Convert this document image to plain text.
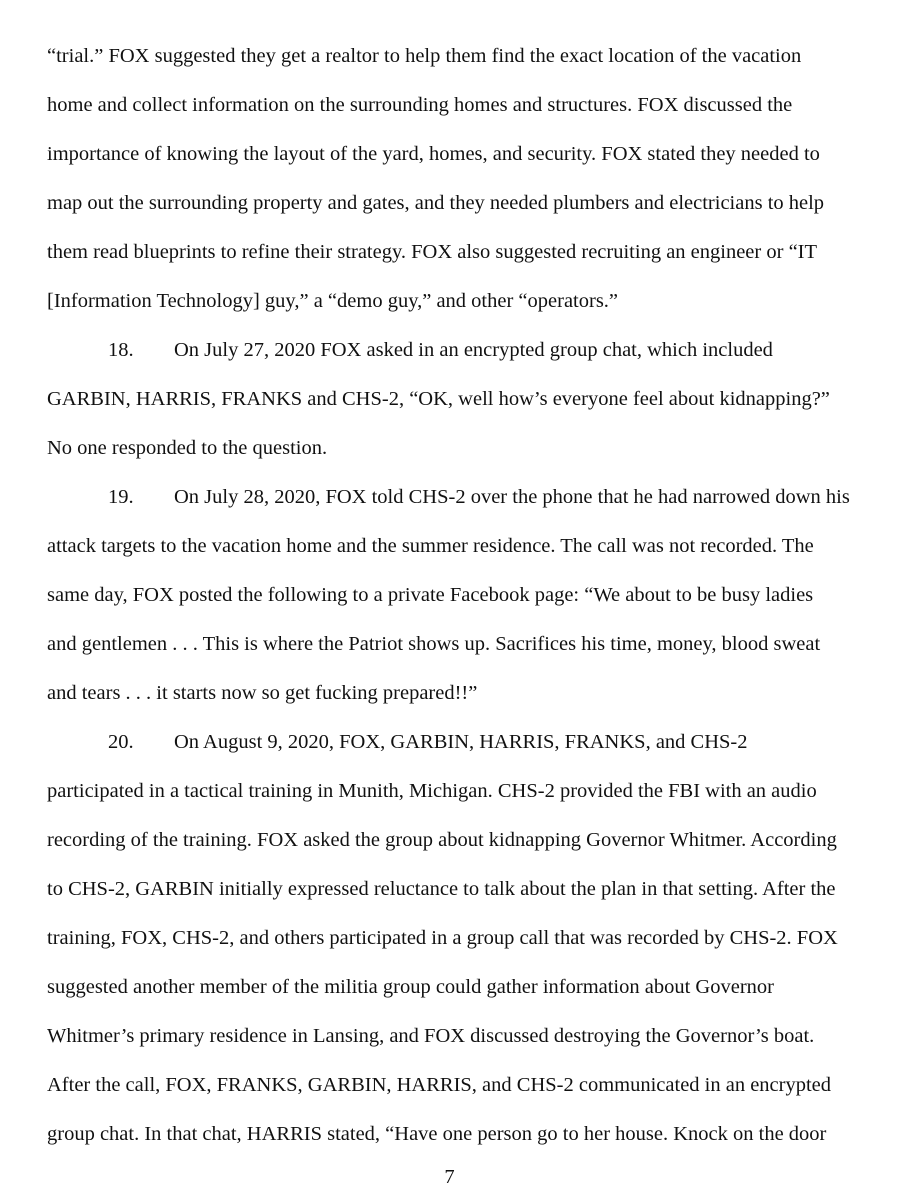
“trial.” FOX suggested they get a realtor to help them find the exact location of the vacation
home and collect information on the surrounding homes and structures. FOX discussed the
importance of knowing the layout of the yard, homes, and security. FOX stated they needed to
map out the surrounding property and gates, and they needed plumbers and electricians to help
them read blueprints to refine their strategy. FOX also suggested recruiting an engineer or “IT
[Information Technology] guy,” a “demo guy,” and other “operators.”
18. On July 27, 2020 FOX asked in an encrypted group chat, which included
GARBIN, HARRIS, FRANKS and CHS-2, “OK, well how’s everyone feel about kidnapping?”
No one responded to the question.
19. On July 28, 2020, FOX told CHS-2 over the phone that he had narrowed down his
attack targets to the vacation home and the summer residence. The call was not recorded. The
same day, FOX posted the following to a private Facebook page: “We about to be busy ladies
and gentlemen . . . This is where the Patriot shows up. Sacrifices his time, money, blood sweat
and tears . . . it starts now so get fucking prepared!!”
20. On August 9, 2020, FOX, GARBIN, HARRIS, FRANKS, and CHS-2
participated in a tactical training in Munith, Michigan. CHS-2 provided the FBI with an audio
recording of the training. FOX asked the group about kidnapping Governor Whitmer. According
to CHS-2, GARBIN initially expressed reluctance to talk about the plan in that setting. After the
training, FOX, CHS-2, and others participated in a group call that was recorded by CHS-2. FOX
suggested another member of the militia group could gather information about Governor
Whitmer’s primary residence in Lansing, and FOX discussed destroying the Governor’s boat.
After the call, FOX, FRANKS, GARBIN, HARRIS, and CHS-2 communicated in an encrypted
group chat. In that chat, HARRIS stated, “Have one person go to her house. Knock on the door
7
